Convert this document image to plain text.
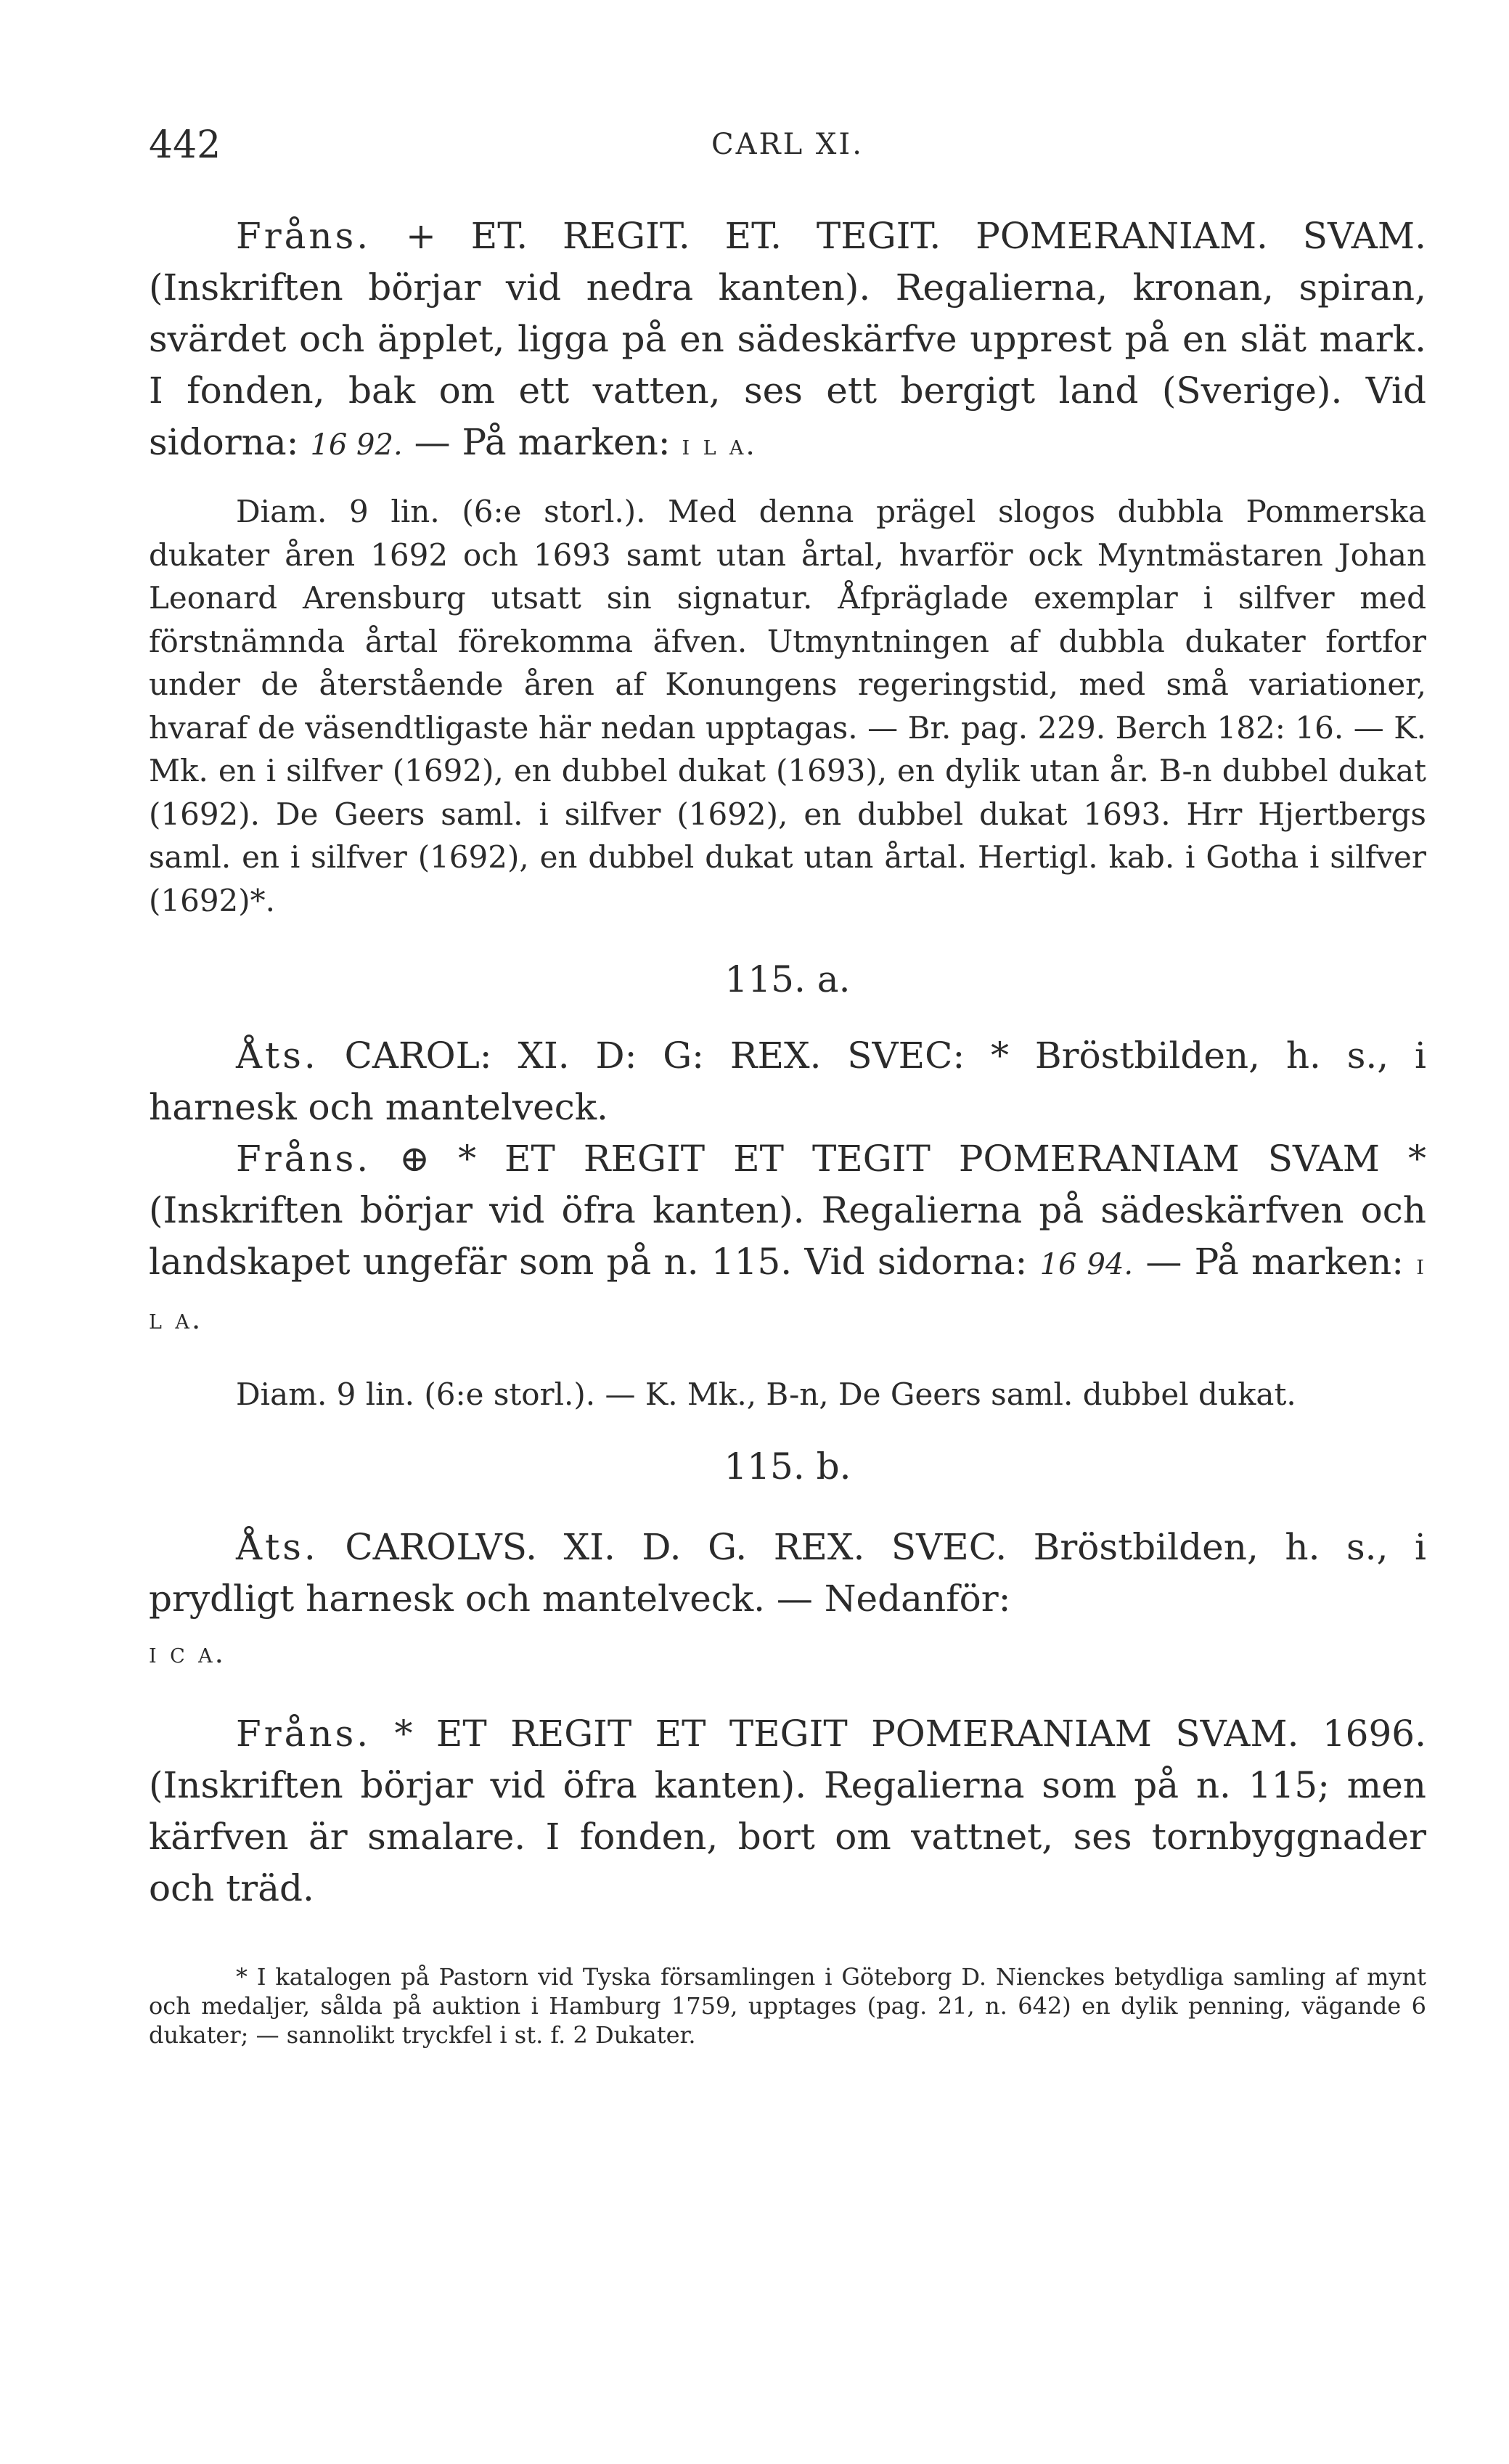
442	CARL XI.

Fråns. + ET. REGIT. ET. TEGIT. POMERANIAM. SVAM. (Inskriften börjar vid nedra kanten). Regalierna, kronan, spiran, svärdet och äpplet, ligga på en sädeskärfve upprest på en slät mark. I fonden, bak om ett vatten, ses ett bergigt land (Sverige). Vid sidorna: 16 92. — På marken: i l a.

Diam. 9 lin. (6:e storl.). Med denna prägel slogos dubbla Pommerska dukater åren 1692 och 1693 samt utan årtal, hvarför ock Myntmästaren Johan Leonard Arensburg utsatt sin signatur. Åfpräglade exemplar i silfver med förstnämnda årtal förekomma äfven. Utmyntningen af dubbla dukater fortfor under de återstående åren af Konungens regeringstid, med små variationer, hvaraf de väsendtligaste här nedan upptagas. — Br. pag. 229. Berch 182: 16. — K. Mk. en i silfver (1692), en dubbel dukat (1693), en dylik utan år. B-n dubbel dukat (1692). De Geers saml. i silfver (1692), en dubbel dukat 1693. Hrr Hjertbergs saml. en i silfver (1692), en dubbel dukat utan årtal. Hertigl. kab. i Gotha i silfver (1692)*.

115. a.

Åts. CAROL: XI. D: G: REX. SVEC: * Bröstbilden, h. s., i harnesk och mantelveck.

Fråns. ⊕ * ET REGIT ET TEGIT POMERANIAM SVAM * (Inskriften börjar vid öfra kanten). Regalierna på sädeskärfven och landskapet ungefär som på n. 115. Vid sidorna: 16 94. — På marken: i l a.

Diam. 9 lin. (6:e storl.). — K. Mk., B-n, De Geers saml. dubbel dukat.

115. b.

Åts. CAROLVS. XI. D. G. REX. SVEC. Bröstbilden, h. s., i prydligt harnesk och mantelveck. — Nedanför:

i c a.

Fråns. * ET REGIT ET TEGIT POMERANIAM SVAM. 1696. (Inskriften börjar vid öfra kanten). Regalierna som på n. 115; men kärfven är smalare. I fonden, bort om vattnet, ses tornbyggnader och träd.

* I katalogen på Pastorn vid Tyska församlingen i Göteborg D. Nienckes betydliga samling af mynt och medaljer, sålda på auktion i Hamburg 1759, upptages (pag. 21, n. 642) en dylik penning, vägande 6 dukater; — sannolikt tryckfel i st. f. 2 Dukater.
